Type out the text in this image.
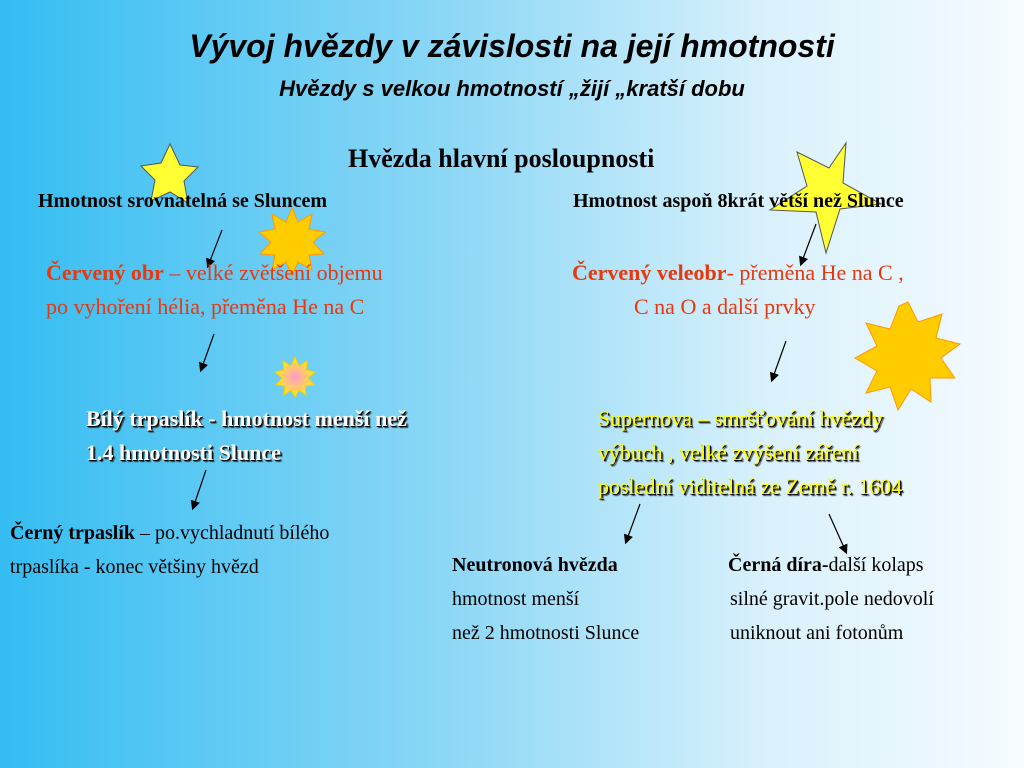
Vývoj hvězdy v závislosti na její hmotnosti
Hvězdy s velkou hmotností „žijí „kratší dobu
Hvězda hlavní posloupnosti
Hmotnost srovnatelná se Sluncem	Hmotnost aspoň 8krát větší než Slunce
Červený obr – velké zvětšení objemu
po vyhoření hélia, přeměna He na C
Červený veleobr- přeměna He na C ,
C na O a další prvky
Bílý trpaslík - hmotnost menší než
1.4 hmotnosti Slunce
Supernova – smršťování hvězdy
výbuch , velké zvýšení záření
poslední viditelná ze Země r. 1604
Černý trpaslík – po.vychladnutí bílého
trpaslíka - konec většiny hvězd	Neutronová hvězda
hmotnost menší
než 2 hmotnosti Slunce
Černá díra-další kolaps
silné gravit.pole nedovolí
uniknout ani fotonům
